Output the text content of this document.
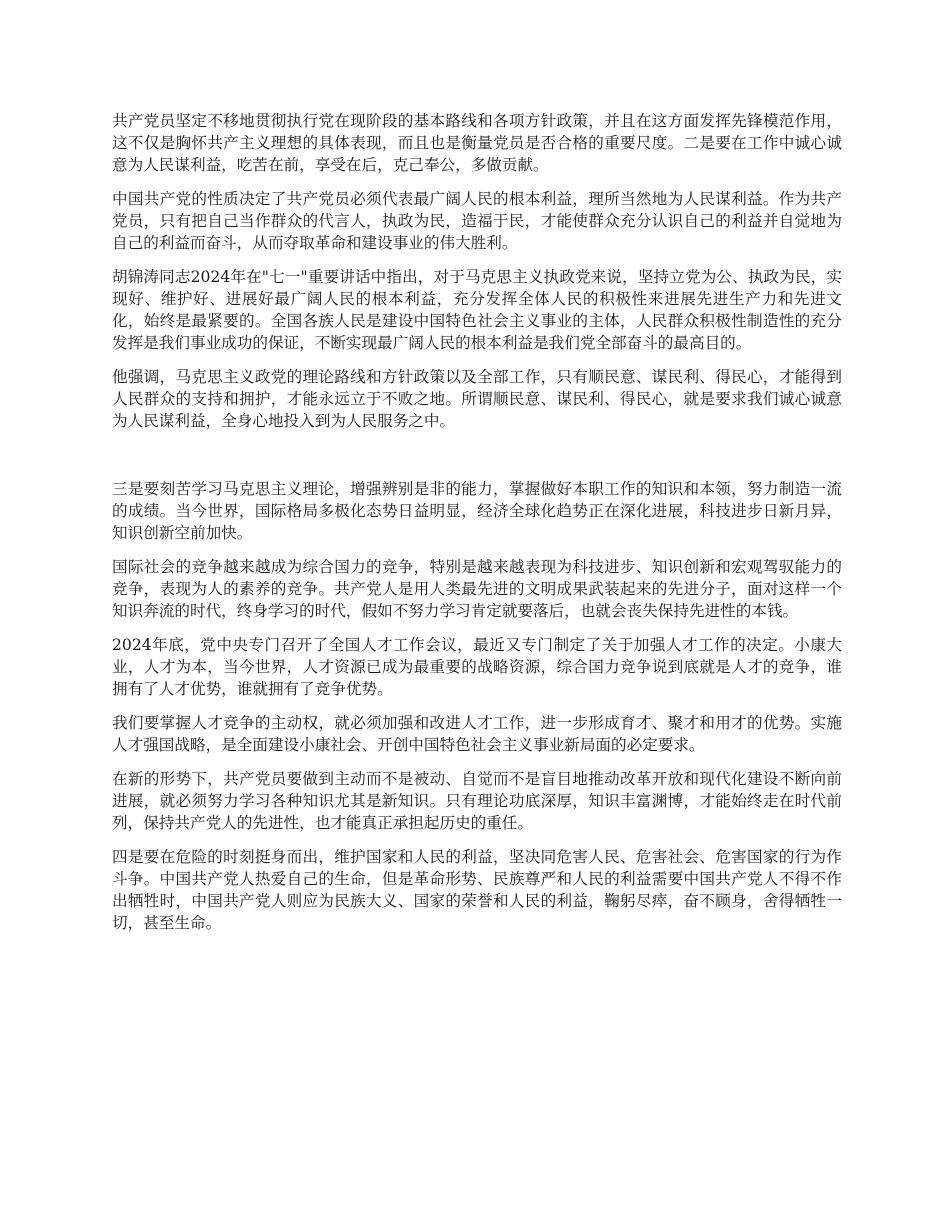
共产党员坚定不移地贯彻执行党在现阶段的基本路线和各项方针政策，并且在这方面发挥先锋模范作用，这不仅是胸怀共产主义理想的具体表现，而且也是衡量党员是否合格的重要尺度。二是要在工作中诚心诚意为人民谋利益，吃苦在前，享受在后，克己奉公，多做贡献。

中国共产党的性质决定了共产党员必须代表最广阔人民的根本利益，理所当然地为人民谋利益。作为共产党员，只有把自己当作群众的代言人，执政为民，造福于民，才能使群众充分认识自己的利益并自觉地为自己的利益而奋斗，从而夺取革命和建设事业的伟大胜利。

胡锦涛同志2024年在"七一"重要讲话中指出，对于马克思主义执政党来说，坚持立党为公、执政为民，实现好、维护好、进展好最广阔人民的根本利益，充分发挥全体人民的积极性来进展先进生产力和先进文化，始终是最紧要的。全国各族人民是建设中国特色社会主义事业的主体，人民群众积极性制造性的充分发挥是我们事业成功的保证，不断实现最广阔人民的根本利益是我们党全部奋斗的最高目的。

他强调，马克思主义政党的理论路线和方针政策以及全部工作，只有顺民意、谋民利、得民心，才能得到人民群众的支持和拥护，才能永远立于不败之地。所谓顺民意、谋民利、得民心，就是要求我们诚心诚意为人民谋利益，全身心地投入到为人民服务之中。

三是要刻苦学习马克思主义理论，增强辨别是非的能力，掌握做好本职工作的知识和本领，努力制造一流的成绩。当今世界，国际格局多极化态势日益明显，经济全球化趋势正在深化进展，科技进步日新月异，知识创新空前加快。

国际社会的竞争越来越成为综合国力的竞争，特别是越来越表现为科技进步、知识创新和宏观驾驭能力的竞争，表现为人的素养的竞争。共产党人是用人类最先进的文明成果武装起来的先进分子，面对这样一个知识奔流的时代，终身学习的时代，假如不努力学习肯定就要落后，也就会丧失保持先进性的本钱。

2024年底，党中央专门召开了全国人才工作会议，最近又专门制定了关于加强人才工作的决定。小康大业，人才为本，当今世界，人才资源已成为最重要的战略资源，综合国力竞争说到底就是人才的竞争，谁拥有了人才优势，谁就拥有了竞争优势。

我们要掌握人才竞争的主动权，就必须加强和改进人才工作，进一步形成育才、聚才和用才的优势。实施人才强国战略，是全面建设小康社会、开创中国特色社会主义事业新局面的必定要求。

在新的形势下，共产党员要做到主动而不是被动、自觉而不是盲目地推动改革开放和现代化建设不断向前进展，就必须努力学习各种知识尤其是新知识。只有理论功底深厚，知识丰富渊博，才能始终走在时代前列，保持共产党人的先进性，也才能真正承担起历史的重任。

四是要在危险的时刻挺身而出，维护国家和人民的利益，坚决同危害人民、危害社会、危害国家的行为作斗争。中国共产党人热爱自己的生命，但是革命形势、民族尊严和人民的利益需要中国共产党人不得不作出牺牲时，中国共产党人则应为民族大义、国家的荣誉和人民的利益，鞠躬尽瘁，奋不顾身，舍得牺牲一切，甚至生命。
